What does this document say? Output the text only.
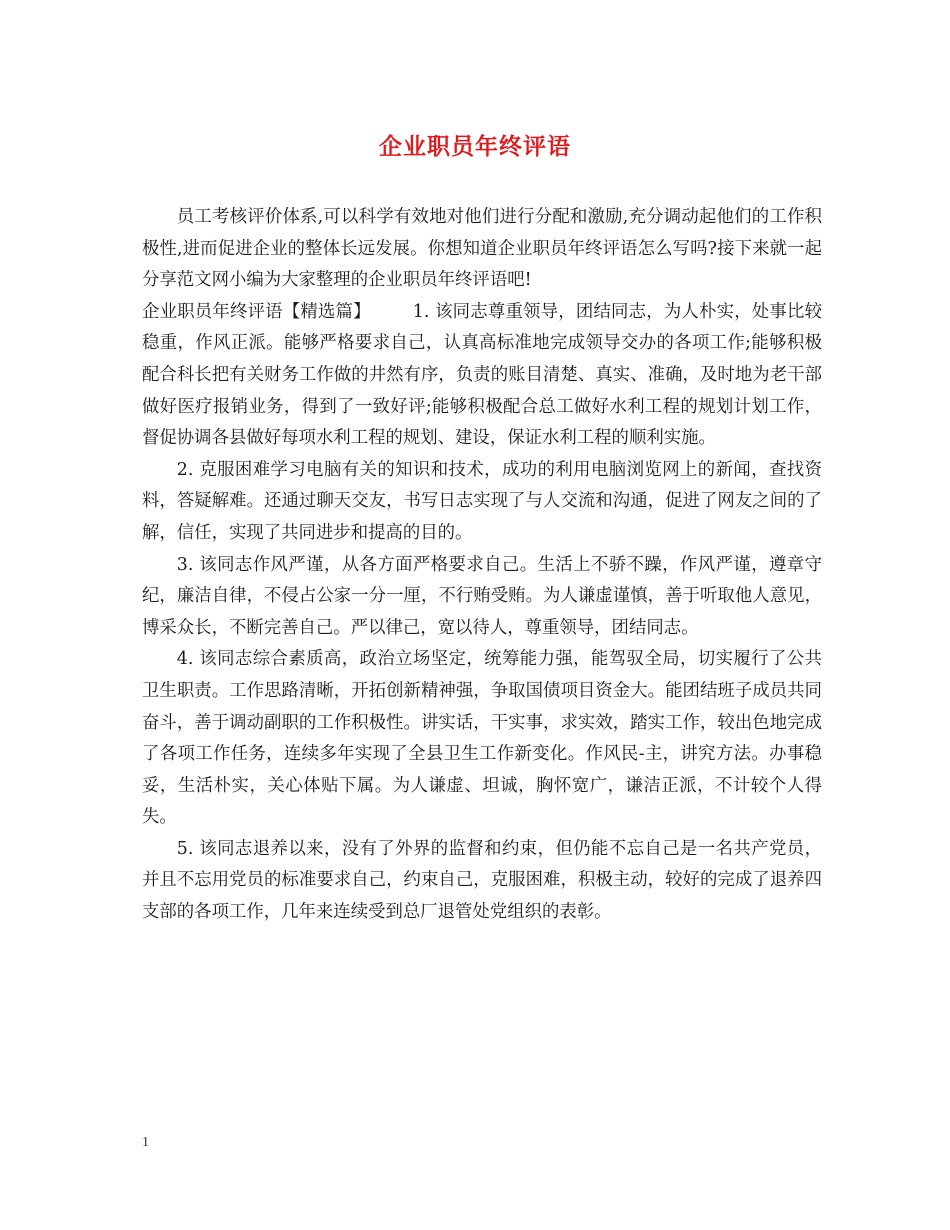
企业职员年终评语

员工考核评价体系,可以科学有效地对他们进行分配和激励,充分调动起他们的工作积极性,进而促进企业的整体长远发展。你想知道企业职员年终评语怎么写吗?接下来就一起分享范文网小编为大家整理的企业职员年终评语吧!

企业职员年终评语【精选篇】 1. 该同志尊重领导，团结同志，为人朴实，处事比较稳重，作风正派。能够严格要求自己，认真高标准地完成领导交办的各项工作;能够积极配合科长把有关财务工作做的井然有序，负责的账目清楚、真实、准确，及时地为老干部做好医疗报销业务，得到了一致好评;能够积极配合总工做好水利工程的规划计划工作，督促协调各县做好每项水利工程的规划、建设，保证水利工程的顺利实施。

2. 克服困难学习电脑有关的知识和技术，成功的利用电脑浏览网上的新闻，查找资料，答疑解难。还通过聊天交友，书写日志实现了与人交流和沟通，促进了网友之间的了解，信任，实现了共同进步和提高的目的。

3. 该同志作风严谨，从各方面严格要求自己。生活上不骄不躁，作风严谨，遵章守纪，廉洁自律，不侵占公家一分一厘，不行贿受贿。为人谦虚谨慎，善于听取他人意见，博采众长，不断完善自己。严以律己，宽以待人，尊重领导，团结同志。

4. 该同志综合素质高，政治立场坚定，统筹能力强，能驾驭全局，切实履行了公共卫生职责。工作思路清晰，开拓创新精神强，争取国债项目资金大。能团结班子成员共同奋斗，善于调动副职的工作积极性。讲实话，干实事，求实效，踏实工作，较出色地完成了各项工作任务，连续多年实现了全县卫生工作新变化。作风民-主，讲究方法。办事稳妥，生活朴实，关心体贴下属。为人谦虚、坦诚，胸怀宽广，谦洁正派，不计较个人得失。

5. 该同志退养以来，没有了外界的监督和约束，但仍能不忘自己是一名共产党员，并且不忘用党员的标准要求自己，约束自己，克服困难，积极主动，较好的完成了退养四支部的各项工作，几年来连续受到总厂退管处党组织的表彰。

1
